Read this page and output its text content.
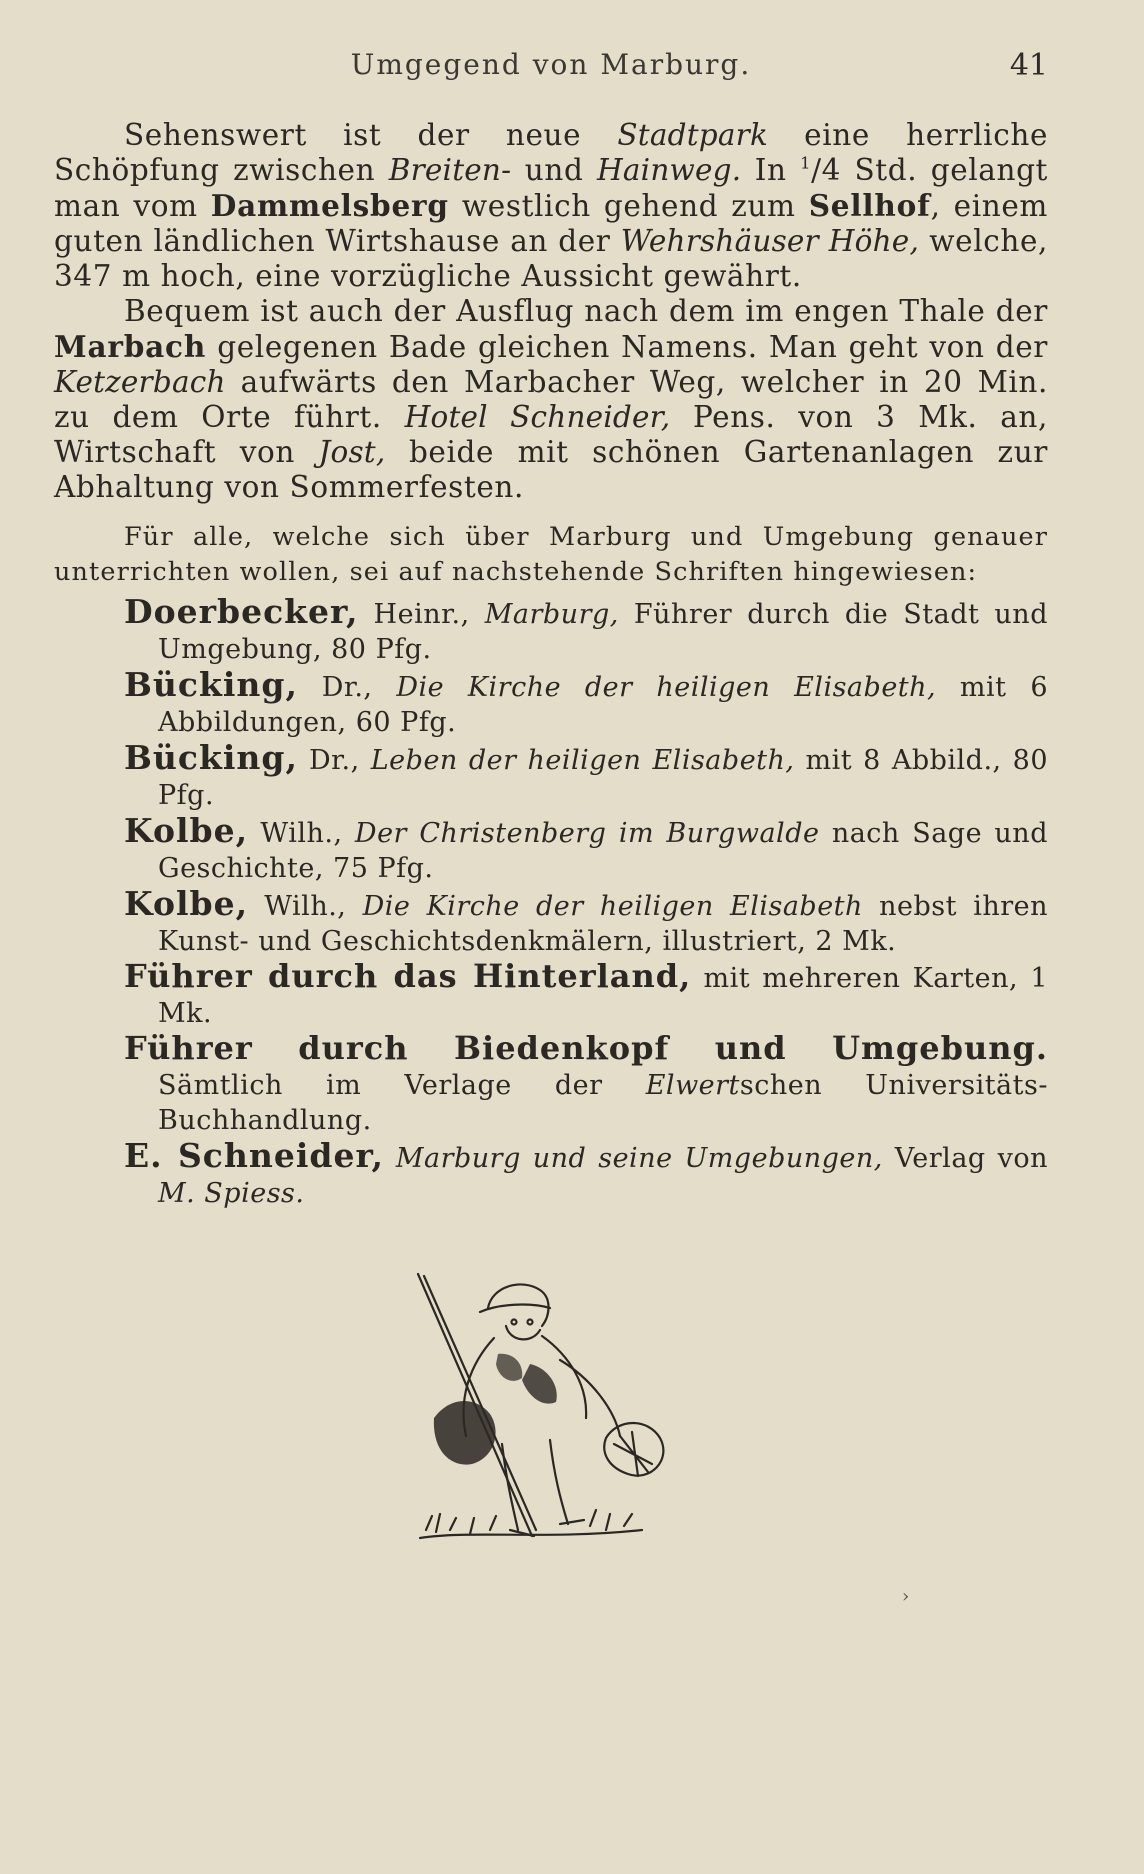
Umgegend von Marburg.	41

Sehenswert ist der neue Stadtpark eine herrliche Schöpfung zwischen Breiten- und Hainweg. In $^1$/4 Std. gelangt man vom Dammelsberg westlich gehend zum Sellhof, einem guten ländlichen Wirtshause an der Wehrshäuser Höhe, welche, 347 m hoch, eine vorzügliche Aussicht gewährt.

Bequem ist auch der Ausflug nach dem im engen Thale der Marbach gelegenen Bade gleichen Namens. Man geht von der Ketzerbach aufwärts den Marbacher Weg, welcher in 20 Min. zu dem Orte führt. Hotel Schneider, Pens. von 3 Mk. an, Wirtschaft von Jost, beide mit schönen Gartenanlagen zur Abhaltung von Sommerfesten.

Für alle, welche sich über Marburg und Umgebung genauer unterrichten wollen, sei auf nachstehende Schriften hingewiesen:

Doerbecker, Heinr., Marburg, Führer durch die Stadt und Umgebung, 80 Pfg.
Bücking, Dr., Die Kirche der heiligen Elisabeth, mit 6 Abbildungen, 60 Pfg.
Bücking, Dr., Leben der heiligen Elisabeth, mit 8 Abbild., 80 Pfg.
Kolbe, Wilh., Der Christenberg im Burgwalde nach Sage und Geschichte, 75 Pfg.
Kolbe, Wilh., Die Kirche der heiligen Elisabeth nebst ihren Kunst- und Geschichtsdenkmälern, illustriert, 2 Mk.
Führer durch das Hinterland, mit mehreren Karten, 1 Mk.
Führer durch Biedenkopf und Umgebung. Sämtlich im Verlage der Elwertschen Universitäts-Buchhandlung.
E. Schneider, Marburg und seine Umgebungen, Verlag von M. Spiess.
›
